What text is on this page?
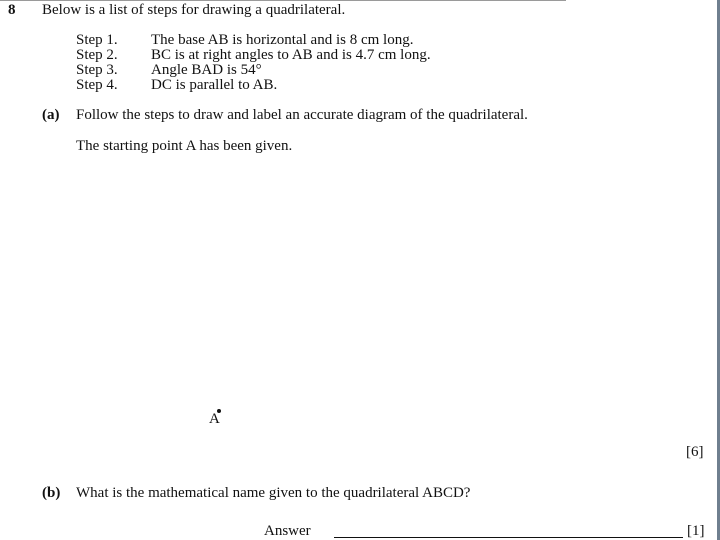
8 Below is a list of steps for drawing a quadrilateral.
Step 1. The base AB is horizontal and is 8 cm long.
Step 2. BC is at right angles to AB and is 4.7 cm long.
Step 3. Angle BAD is 54°
Step 4. DC is parallel to AB.
(a) Follow the steps to draw and label an accurate diagram of the quadrilateral.
The starting point A has been given.
A
[6]
(b) What is the mathematical name given to the quadrilateral ABCD?
Answer	[1]
